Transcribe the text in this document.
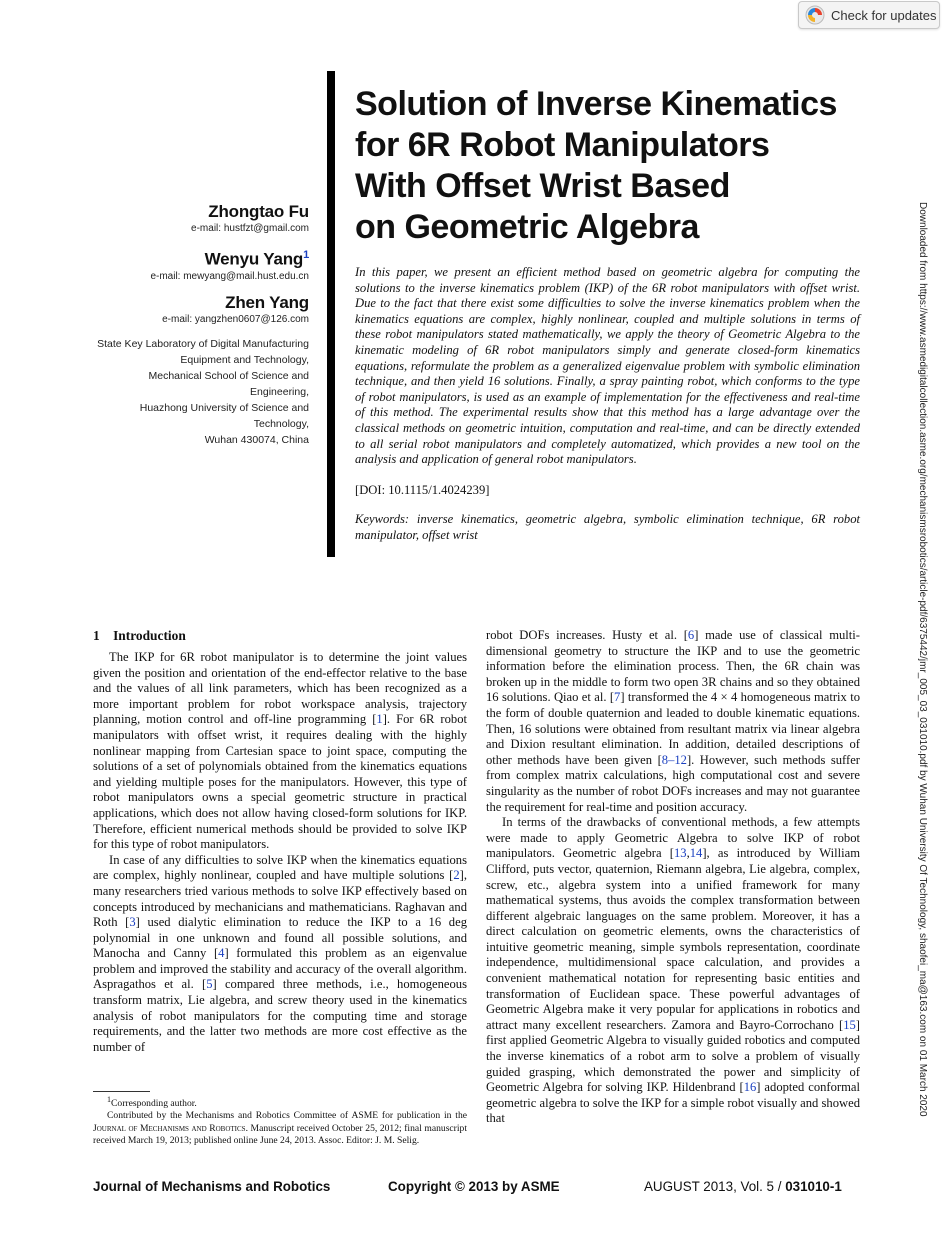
Check for updates
Zhongtao Fu
e-mail: hustfzt@gmail.com
Wenyu Yang$^1$
e-mail: mewyang@mail.hust.edu.cn
Zhen Yang
e-mail: yangzhen0607@126.com
State Key Laboratory of Digital Manufacturing
Equipment and Technology,
Mechanical School of Science and Engineering,
Huazhong University of Science and Technology,
Wuhan 430074, China
Solution of Inverse Kinematics
for 6R Robot Manipulators
With Offset Wrist Based
on Geometric Algebra
In this paper, we present an efficient method based on geometric algebra for computing the solutions to the inverse kinematics problem (IKP) of the 6R robot manipulators with offset wrist. Due to the fact that there exist some difficulties to solve the inverse kinematics problem when the kinematics equations are complex, highly nonlinear, coupled and multiple solutions in terms of these robot manipulators stated mathematically, we apply the theory of Geometric Algebra to the kinematic modeling of 6R robot manipulators simply and generate closed-form kinematics equations, reformulate the problem as a generalized eigenvalue problem with symbolic elimination technique, and then yield 16 solutions. Finally, a spray painting robot, which conforms to the type of robot manipulators, is used as an example of implementation for the effectiveness and real-time of this method. The experimental results show that this method has a large advantage over the classical methods on geometric intuition, computation and real-time, and can be directly extended to all serial robot manipulators and completely automatized, which provides a new tool on the analysis and application of general robot manipulators.
[DOI: 10.1115/1.4024239]
Keywords: inverse kinematics, geometric algebra, symbolic elimination technique, 6R robot manipulator, offset wrist	Downloaded from https://www.asmedigitalcollection.asme.org/mechanismsrobotics/article-pdf/6375442/jmr_005_03_031010.pdf by Wuhan University Of Technology, shaofei_ma@163.com on 01 March 2020
1 Introduction

The IKP for 6R robot manipulator is to determine the joint values given the position and orientation of the end-effector relative to the base and the values of all link parameters, which has been recognized as a more important problem for robot workspace analysis, trajectory planning, motion control and off-line programming [1]. For 6R robot manipulators with offset wrist, it requires dealing with the highly nonlinear mapping from Cartesian space to joint space, computing the solutions of a set of polynomials obtained from the kinematics equations and yielding multiple poses for the manipulators. However, this type of robot manipulators owns a special geometric structure in practical applications, which does not allow having closed-form solutions for IKP. Therefore, efficient numerical methods should be provided to solve IKP for this type of robot manipulators.

In case of any difficulties to solve IKP when the kinematics equations are complex, highly nonlinear, coupled and have multiple solutions [2], many researchers tried various methods to solve IKP effectively based on concepts introduced by mechanicians and mathematicians. Raghavan and Roth [3] used dialytic elimination to reduce the IKP to a 16 deg polynomial in one unknown and found all possible solutions, and Manocha and Canny [4] formulated this problem as an eigenvalue problem and improved the stability and accuracy of the overall algorithm. Aspragathos et al. [5] compared three methods, i.e., homogeneous transform matrix, Lie algebra, and screw theory used in the kinematics analysis of robot manipulators for the computing time and storage requirements, and the latter two methods are more cost effective as the number of

robot DOFs increases. Husty et al. [6] made use of classical multi-dimensional geometry to structure the IKP and to use the geometric information before the elimination process. Then, the 6R chain was broken up in the middle to form two open 3R chains and so they obtained 16 solutions. Qiao et al. [7] transformed the 4 × 4 homogeneous matrix to the form of double quaternion and leaded to double kinematic equations. Then, 16 solutions were obtained from resultant matrix via linear algebra and Dixion resultant elimination. In addition, detailed descriptions of other methods have been given [8–12]. However, such methods suffer from complex matrix calculations, high computational cost and severe singularity as the number of robot DOFs increases and may not guarantee the requirement for real-time and position accuracy.

In terms of the drawbacks of conventional methods, a few attempts were made to apply Geometric Algebra to solve IKP of robot manipulators. Geometric algebra [13,14], as introduced by William Clifford, puts vector, quaternion, Riemann algebra, Lie algebra, complex, screw, etc., algebra system into a unified framework for many mathematical systems, thus avoids the complex transformation between different algebraic languages on the same problem. Moreover, it has a direct calculation on geometric elements, owns the characteristics of intuitive geometric meaning, simple symbols representation, coordinate independence, multidimensional space calculation, and provides a convenient mathematical notation for representing basic entities and transformation of Euclidean space. These powerful advantages of Geometric Algebra make it very popular for applications in robotics and attract many excellent researchers. Zamora and Bayro-Corrochano [15] first applied Geometric Algebra to visually guided robotics and computed the inverse kinematics of a robot arm to solve a problem of visually guided grasping, which demonstrated the power and simplicity of Geometric Algebra for solving IKP. Hildenbrand [16] adopted conformal geometric algebra to solve the IKP for a simple robot visually and showed that

$^1$Corresponding author.

Contributed by the Mechanisms and Robotics Committee of ASME for publication in the Journal of Mechanisms and Robotics. Manuscript received October 25, 2012; final manuscript received March 19, 2013; published online June 24, 2013. Assoc. Editor: J. M. Selig.

Journal of Mechanisms and Robotics	Copyright © 2013 by ASME	AUGUST 2013, Vol. 5 / 031010-1
